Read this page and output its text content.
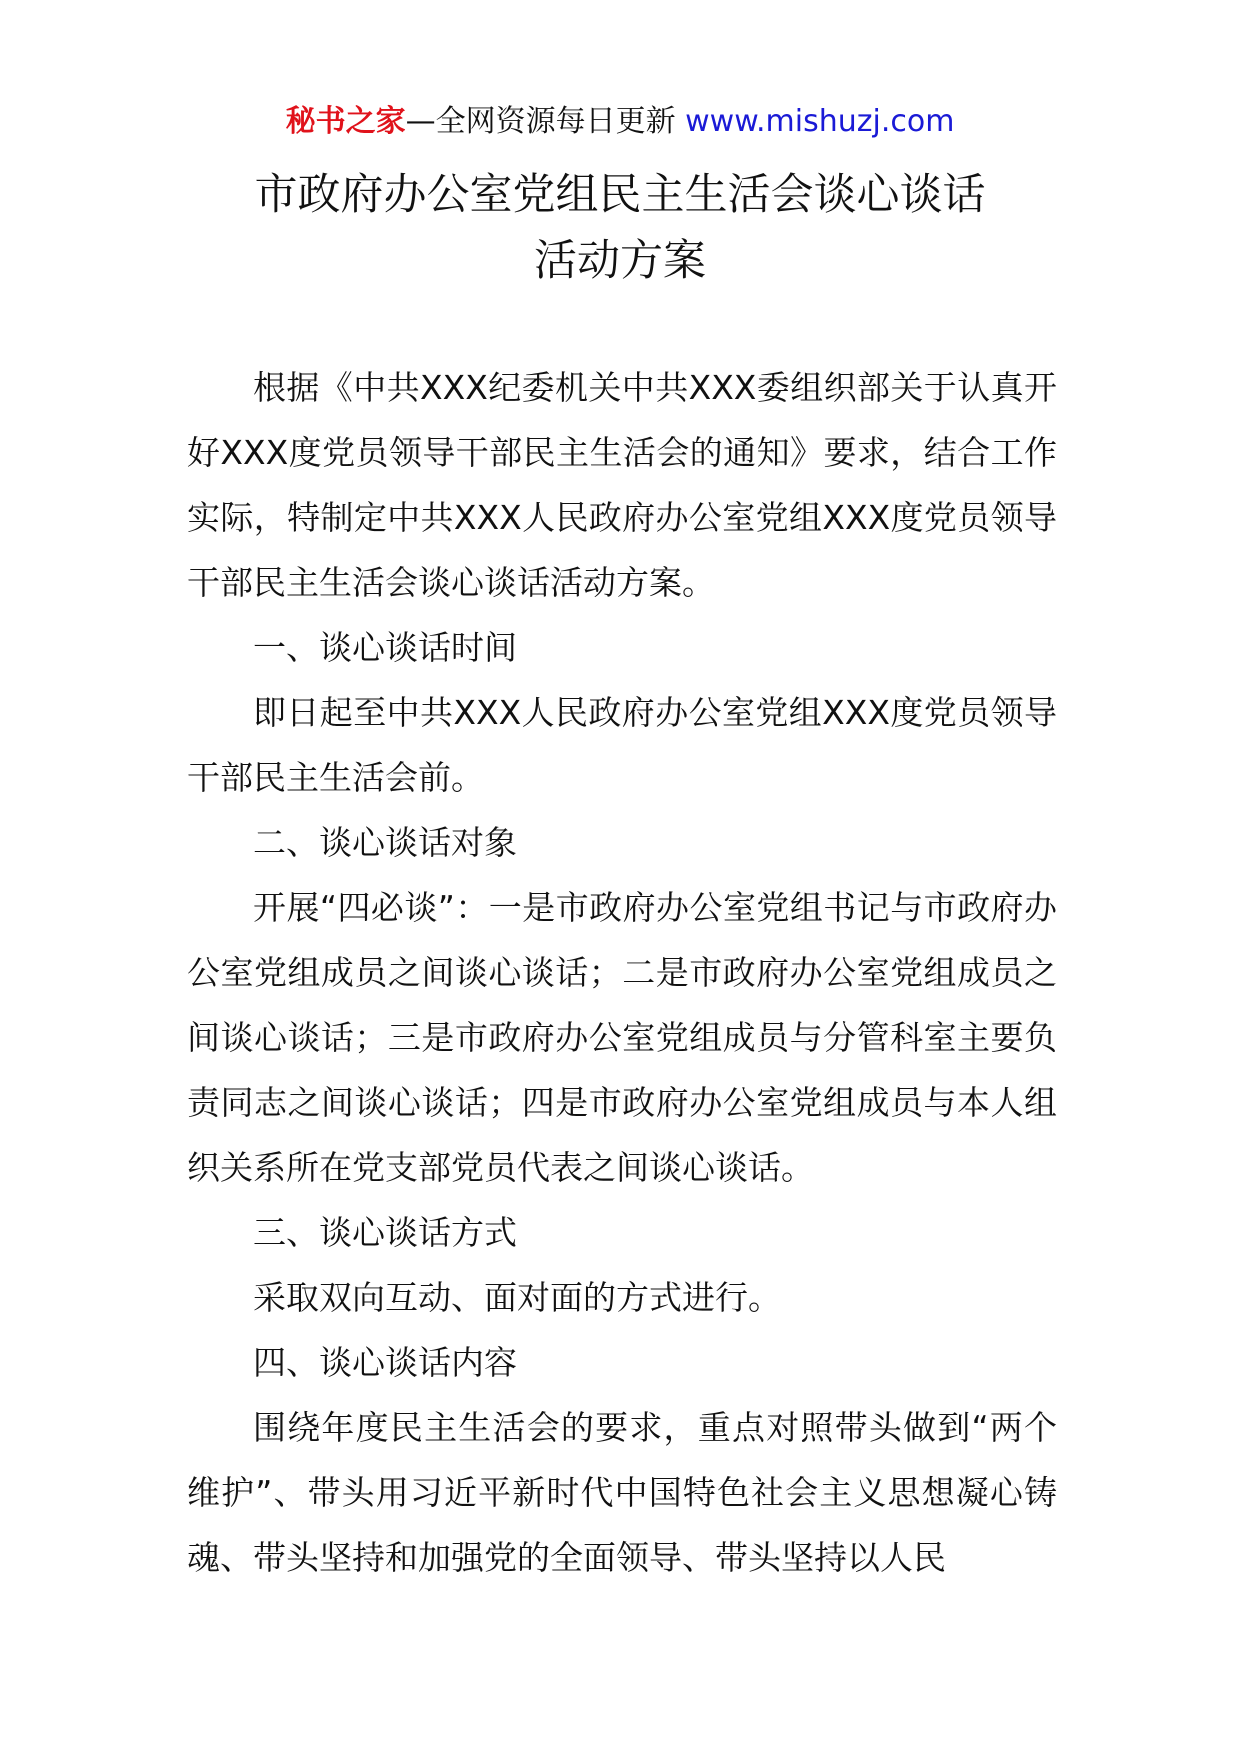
秘书之家—全网资源每日更新 www.mishuzj.com
市政府办公室党组民主生活会谈心谈话
活动方案

根据《中共XXX纪委机关中共XXX委组织部关于认真开好XXX度党员领导干部民主生活会的通知》要求，结合工作实际，特制定中共XXX人民政府办公室党组XXX度党员领导干部民主生活会谈心谈话活动方案。

一、谈心谈话时间

即日起至中共XXX人民政府办公室党组XXX度党员领导干部民主生活会前。

二、谈心谈话对象

开展“四必谈”：一是市政府办公室党组书记与市政府办公室党组成员之间谈心谈话；二是市政府办公室党组成员之间谈心谈话；三是市政府办公室党组成员与分管科室主要负责同志之间谈心谈话；四是市政府办公室党组成员与本人组织关系所在党支部党员代表之间谈心谈话。

三、谈心谈话方式

采取双向互动、面对面的方式进行。

四、谈心谈话内容

围绕年度民主生活会的要求，重点对照带头做到“两个维护”、带头用习近平新时代中国特色社会主义思想凝心铸魂、带头坚持和加强党的全面领导、带头坚持以人民
